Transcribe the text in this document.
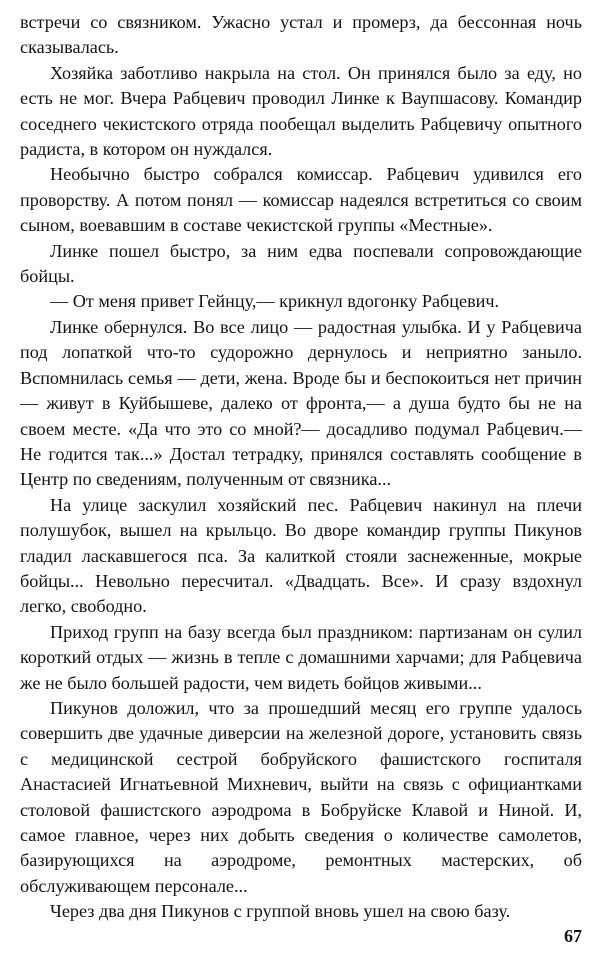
встречи со связником. Ужасно устал и промерз, да бессонная ночь сказывалась.

Хозяйка заботливо накрыла на стол. Он принялся было за еду, но есть не мог. Вчера Рабцевич проводил Линке к Ваупшасову. Командир соседнего чекистского отряда пообещал выделить Рабцевичу опытного радиста, в котором он нуждался.

Необычно быстро собрался комиссар. Рабцевич удивился его проворству. А потом понял — комиссар надеялся встретиться со своим сыном, воевавшим в составе чекистской группы «Местные».

Линке пошел быстро, за ним едва поспевали сопровождающие бойцы.

— От меня привет Гейнцу,— крикнул вдогонку Рабцевич.

Линке обернулся. Во все лицо — радостная улыбка. И у Рабцевича под лопаткой что-то судорожно дернулось и неприятно заныло. Вспомнилась семья — дети, жена. Вроде бы и беспокоиться нет причин — живут в Куйбышеве, далеко от фронта,— а душа будто бы не на своем месте. «Да что это со мной?— досадливо подумал Рабцевич.— Не годится так...» Достал тетрадку, принялся составлять сообщение в Центр по сведениям, полученным от связника...

На улице заскулил хозяйский пес. Рабцевич накинул на плечи полушубок, вышел на крыльцо. Во дворе командир группы Пикунов гладил ласкавшегося пса. За калиткой стояли заснеженные, мокрые бойцы... Невольно пересчитал. «Двадцать. Все». И сразу вздохнул легко, свободно.

Приход групп на базу всегда был праздником: партизанам он сулил короткий отдых — жизнь в тепле с домашними харчами; для Рабцевича же не было большей радости, чем видеть бойцов живыми...

Пикунов доложил, что за прошедший месяц его группе удалось совершить две удачные диверсии на железной дороге, установить связь с медицинской сестрой бобруйского фашистского госпиталя Анастасией Игнатьевной Михневич, выйти на связь с официантками столовой фашистского аэродрома в Бобруйске Клавой и Ниной. И, самое главное, через них добыть сведения о количестве самолетов, базирующихся на аэродроме, ремонтных мастерских, об обслуживающем персонале...

Через два дня Пикунов с группой вновь ушел на свою базу.

67
